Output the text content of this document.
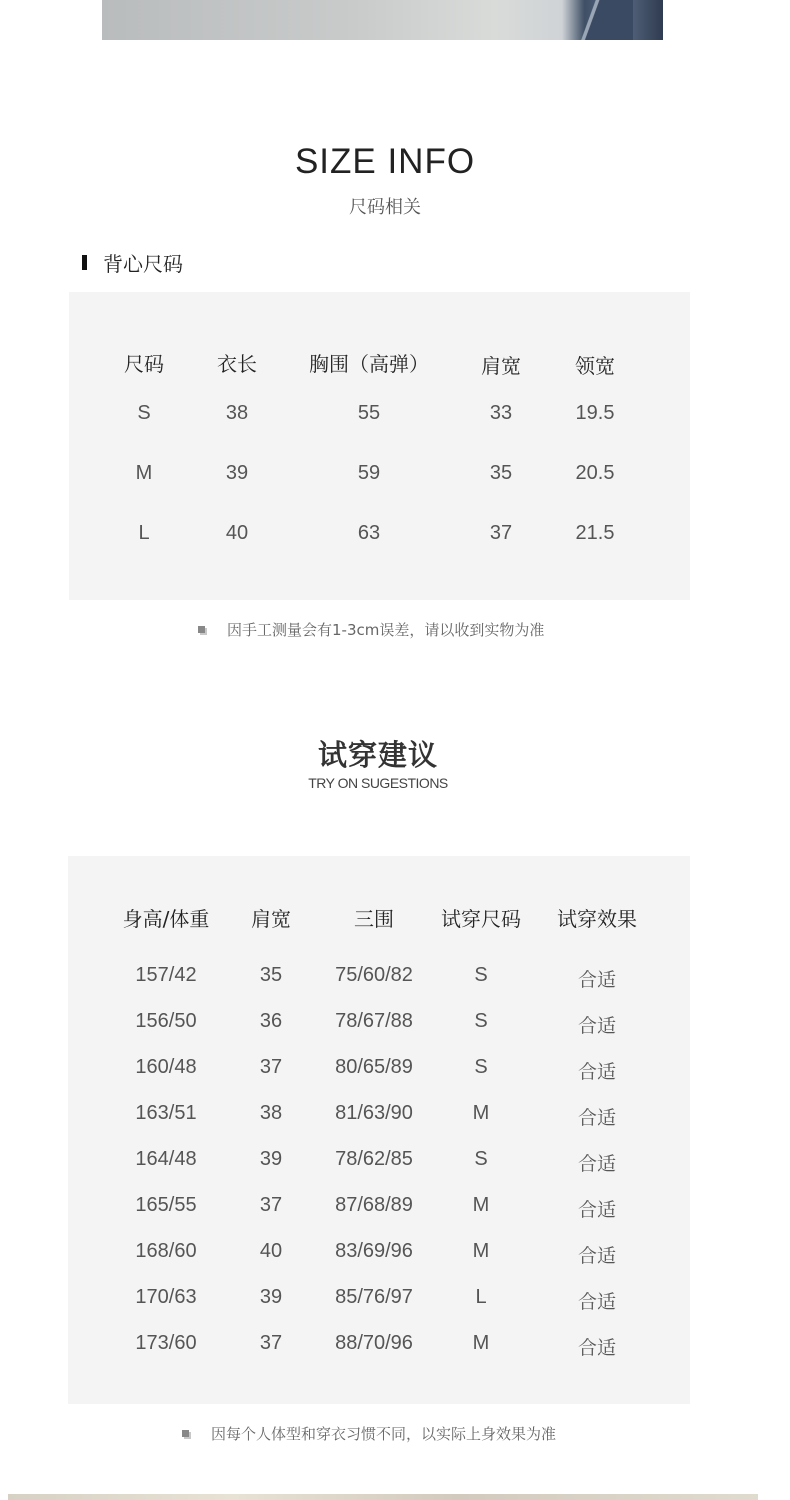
SIZE INFO
尺码相关
背心尺码
尺码	衣长	胸围（高弹）	肩宽	领宽
S	38	55	33	19.5
M	39	59	35	20.5
L	40	63	37	21.5
因手工测量会有1-3cm误差，请以收到实物为准
试穿建议
TRY ON SUGESTIONS
身高/体重 肩宽	三围 试穿尺码 试穿效果
157/42	35	75/60/82	S	合适
156/50	36	78/67/88	S	合适
160/48	37	80/65/89	S	合适
163/51	38	81/63/90	M	合适
164/48	39	78/62/85	S	合适
165/55	37	87/68/89	M	合适
168/60	40	83/69/96	M	合适
170/63	39	85/76/97	L	合适
173/60	37	88/70/96	M	合适
因每个人体型和穿衣习惯不同，以实际上身效果为准
